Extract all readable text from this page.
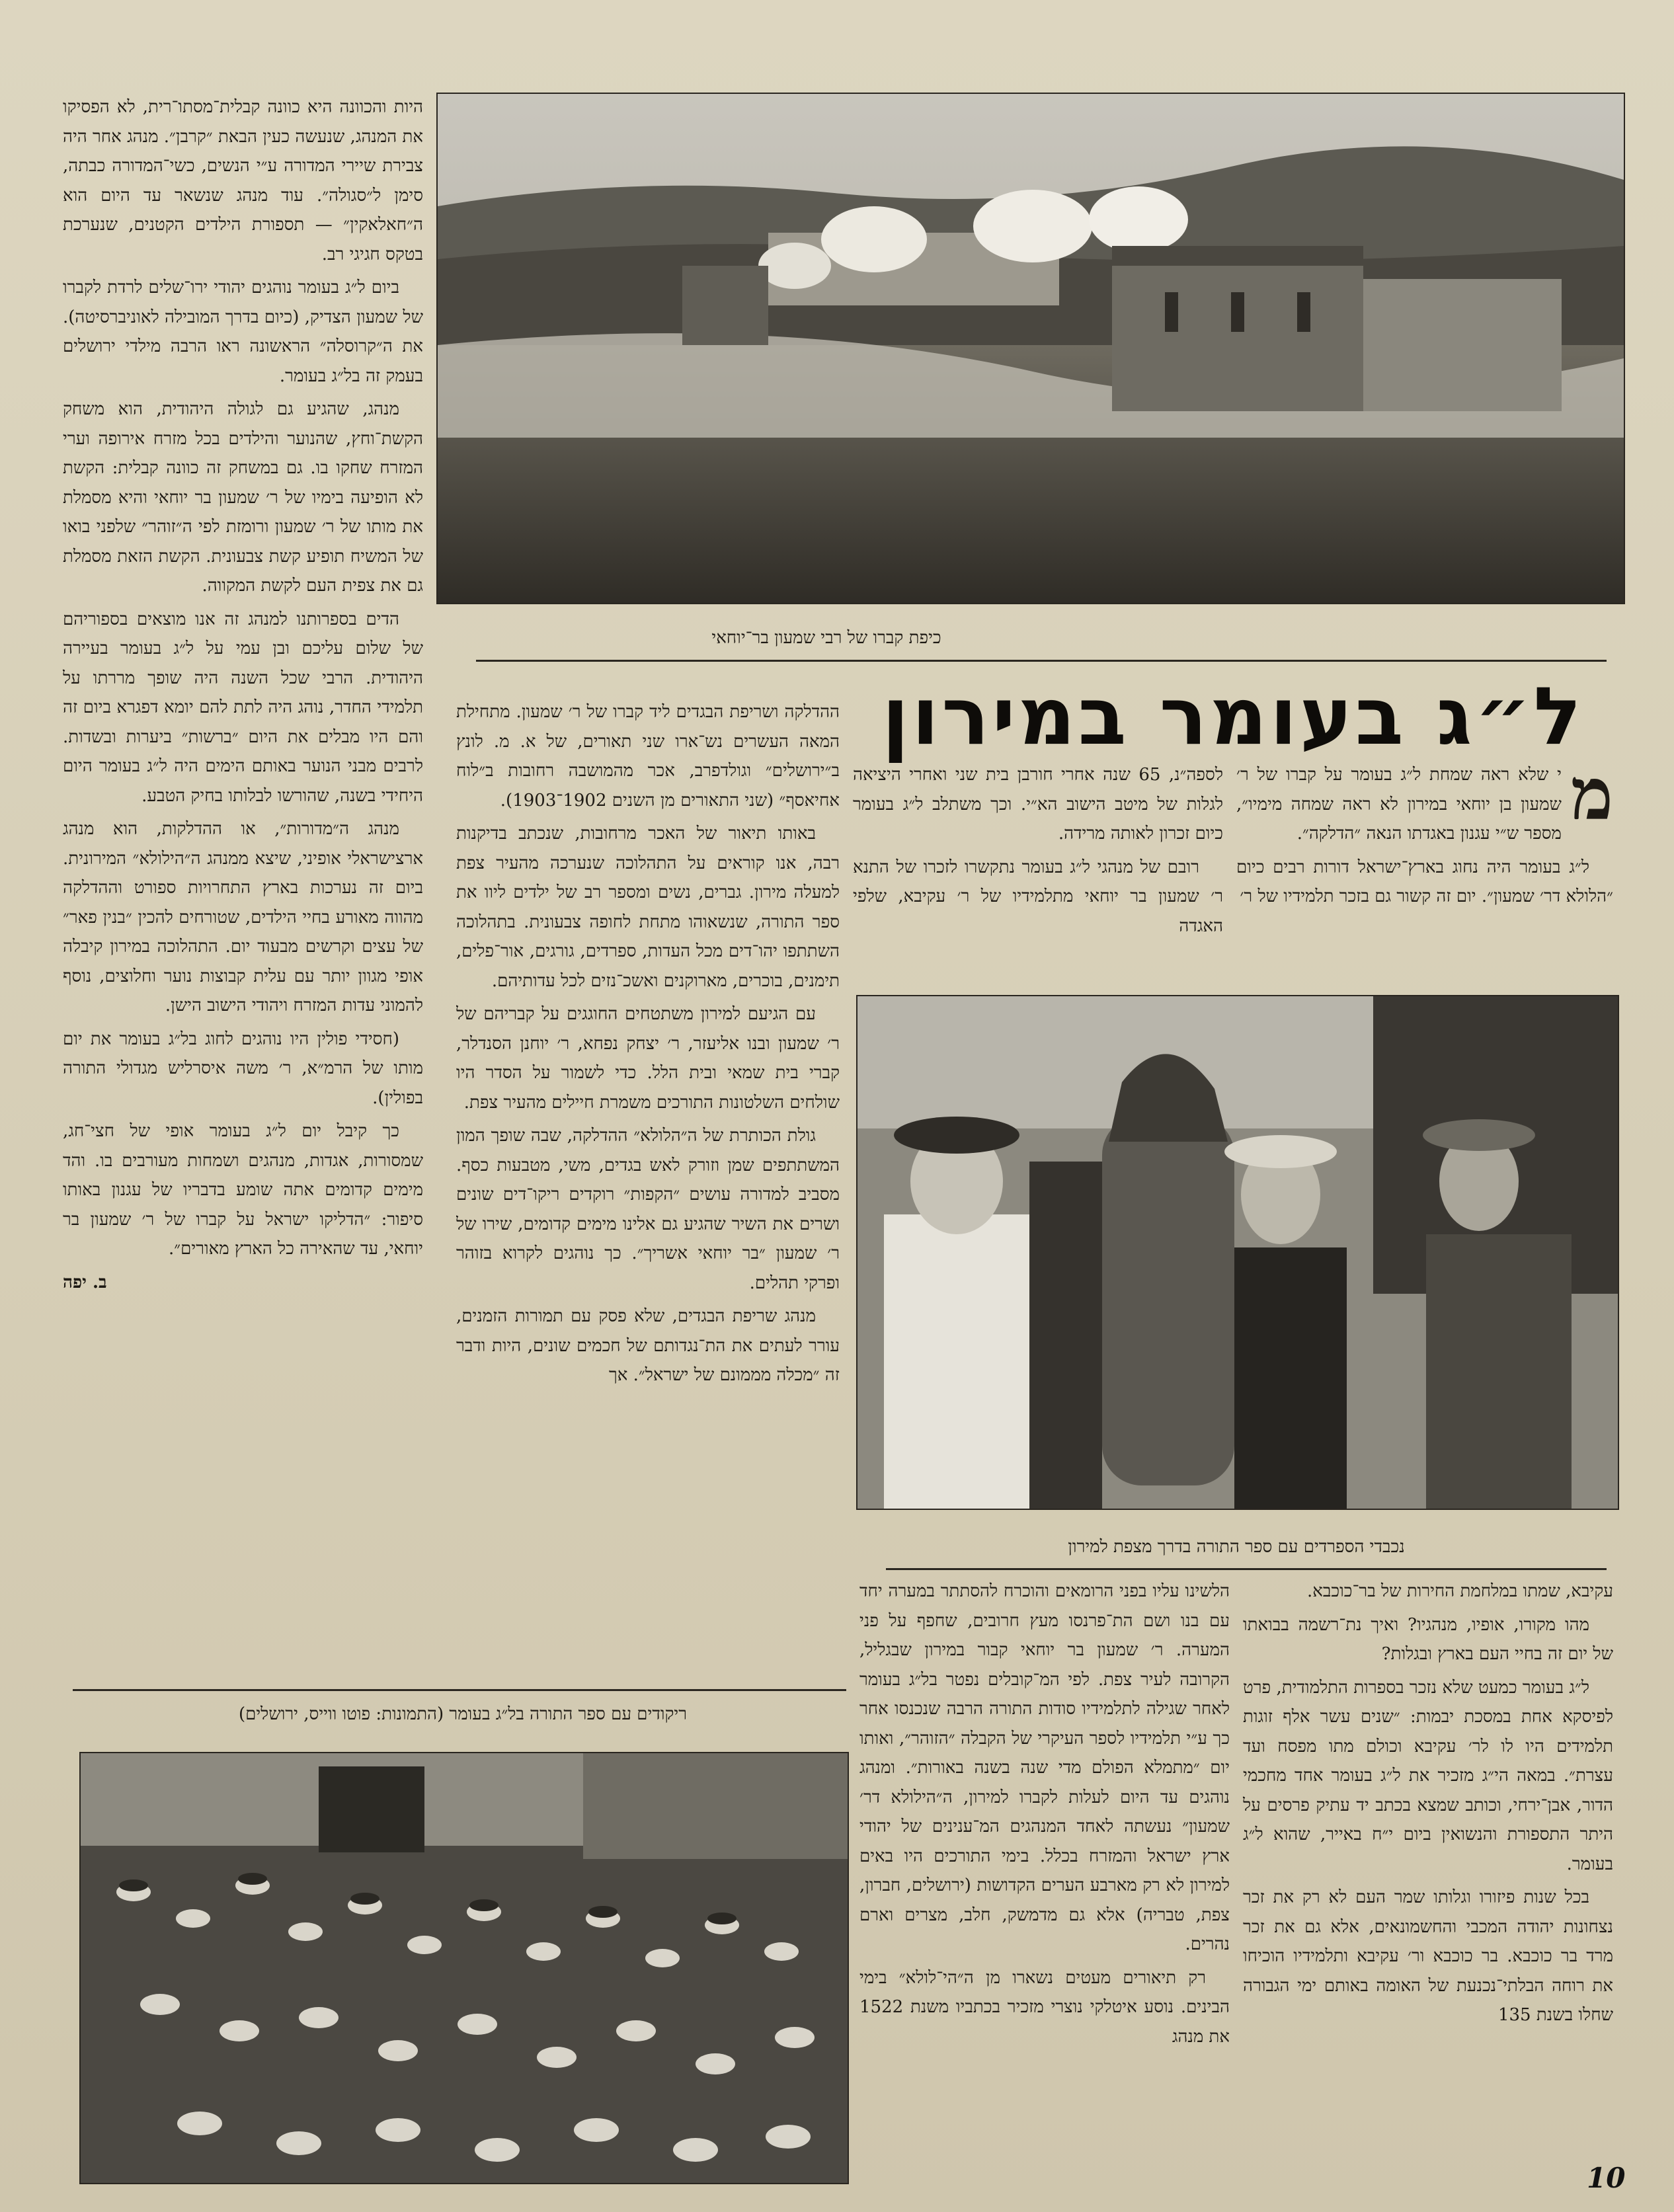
כיפת קברו של רבי שמעון בר־יוחאי
ל״ג בעומר במירון

מ
י שלא ראה שמחת ל״ג בעומר על קברו של ר׳ שמעון בן יוחאי במירון לא ראה שמחה מימיו״, מספר ש״י עגנון באגדתו הנאה ״הדלקה״.

ל״ג בעומר היה נחוג בארץ־ישראל דורות רבים כיום ״הלולא דר׳ שמעון״. יום זה קשור גם בזכר תלמידיו של ר׳

לספה״נ, 65 שנה אחרי חורבן בית שני ואחרי היציאה לגלות של מיטב הישוב הא״י. וכך משתלב ל״ג בעומר כיום זכרון לאותה מרידה.

רובם של מנהגי ל״ג בעומר נתקשרו לזכרו של התנא ר׳ שמעון בר יוחאי מתלמידיו של ר׳ עקיבא, שלפי האגדה

נכבדי הספרדים עם ספר התורה בדרך מצפת למירון

עקיבא, שמתו במלחמת החירות של בר־כוכבא.

מהו מקורו, אופיו, מנהגיו? ואיך נת־רשמה בבואתו של יום זה בחיי העם בארץ ובגלות?

ל״ג בעומר כמעט שלא נזכר בספרות התלמודית, פרט לפיסקא אחת במסכת יבמות: ״שנים עשר אלף זוגות תלמידים היו לו לר׳ עקיבא וכולם מתו מפסח ועד עצרת״. במאה הי״ג מזכיר את ל״ג בעומר אחד מחכמי הדור, אבן־ירחי, וכותב שמצא בכתב יד עתיק פרסים על היתר התספורת והנשואין ביום י״ח באייר, שהוא ל״ג בעומר.

בכל שנות פיזורו וגלותו שמר העם לא רק את זכר נצחונות יהודה המכבי והחשמונאים, אלא גם את זכר מרד בר כוכבא. בר כוכבא ור׳ עקיבא ותלמידיו הוכיחו את רוחה הבלתי־נכנעת של האומה באותם ימי הגבורה שחלו בשנת 135

הלשינו עליו בפני הרומאים והוכרח להסתתר במערה יחד עם בנו ושם הת־פרנסו מעץ חרובים, שחפף על פני המערה. ר׳ שמעון בר יוחאי קבור במירון שבגליל, הקרובה לעיר צפת. לפי המ־קובלים נפטר בל״ג בעומר לאחר שגילה לתלמידיו סודות התורה הרבה שנכנסו אחר כך ע״י תלמידיו לספר העיקרי של הקבלה ״הזוהר״, ואותו יום ״מתמלא הפולם מדי שנה בשנה באורות״. ומנהג נוהגים עד היום לעלות לקברו למירון, ה״הילולא דר׳ שמעון״ נעשתה לאחד המנהגים המ־ענינים של יהודי ארץ ישראל והמזרח בכלל. בימי התורכים היו באים למירון לא רק מארבע הערים הקדושות (ירושלים, חברון, צפת, טבריה) אלא גם מדמשק, חלב, מצרים וארם נהרים.

רק תיאורים מעטים נשארו מן ה״הי־לולא״ בימי הבינים. נוסע איטלקי נוצרי מזכיר בכתביו משנת 1522 את מנהג

ההדלקה ושריפת הבגדים ליד קברו של ר׳ שמעון. מתחילת המאה העשרים נש־ארו שני תאורים, של א. מ. לונץ ב״ירושלים״ וגולדפרב, אכר מהמושבה רחובות ב״לוח אחיאסף״ (שני התאורים מן השנים 1902־1903).

באותו תיאור של האכר מרחובות, שנכתב בדיקנות רבה, אנו קוראים על התהלוכה שנערכה מהעיר צפת למעלה מירון. גברים, נשים ומספר רב של ילדים ליוו את ספר התורה, שנשאוהו מתחת לחופה צבעונית. בתהלוכה השתתפו יהו־דים מכל העדות, ספרדים, גורגים, אור־פלים, תימנים, בוכרים, מארוקנים ואשכ־נזים לכל עדותיהם.

עם הגיעם למירון משתטחים החוגגים על קבריהם של ר׳ שמעון ובנו אליעזר, ר׳ יצחק נפחא, ר׳ יוחנן הסנדלר, קברי בית שמאי ובית הלל. כדי לשמור על הסדר היו שולחים השלטונות התורכים משמרת חיילים מהעיר צפת.

גולת הכותרת של ה״הלולא״ ההדלקה, שבה שופך המון המשתתפים שמן וזורק לאש בגדים, משי, מטבעות כסף. מסביב למדורה עושים ״הקפות״ רוקדים ריקו־דים שונים ושרים את השיר שהגיע גם אלינו מימים קדומים, שירו של ר׳ שמעון ״בר יוחאי אשריך״. כך נוהגים לקרוא בזוהר ופרקי תהלים.

מנהג שריפת הבגדים, שלא פסק עם תמורות הזמנים, עורר לעתים את הת־נגדותם של חכמים שונים, היות ודבר זה ״מכלה מממונם של ישראל״. אך

היות והכוונה היא כוונה קבלית־מסתו־רית, לא הפסיקו את המנהג, שנעשה כעין הבאת ״קרבן״. מנהג אחר היה צבירת שיירי המדורה ע״י הנשים, כשי־המדורה כבתה, סימן ל״סגולה״. עוד מנהג שנשאר עד היום הוא ה״חאלאקין״ — תספורת הילדים הקטנים, שנערכת בטקס חגיגי רב.

ביום ל״ג בעומר נוהגים יהודי ירו־שלים לרדת לקברו של שמעון הצדיק, (כיום בדרך המובילה לאוניברסיטה). את ה״קרוסלה״ הראשונה ראו הרבה מילדי ירושלים בעמק זה בל״ג בעומר.

מנהג, שהגיע גם לגולה היהודית, הוא משחק הקשת־וחץ, שהנוער והילדים בכל מזרח אירופה וערי המזרח שחקו בו. גם במשחק זה כוונה קבלית: הקשת לא הופיעה בימיו של ר׳ שמעון בר יוחאי והיא מסמלת את מותו של ר׳ שמעון ורומזת לפי ה״זוהר״ שלפני בואו של המשיח תופיע קשת צבעונית. הקשת הזאת מסמלת גם את צפית העם לקשת המקווה.

הדים בספרותנו למנהג זה אנו מוצאים בספוריהם של שלום עליכם ובן עמי על ל״ג בעומר בעיירה היהודית. הרבי שכל השנה היה שופך מררתו על תלמידי החדר, נוהג היה לתת להם יומא דפגרא ביום זה והם היו מבלים את היום ״ברשות״ ביערות ובשדות. לרבים מבני הנוער באותם הימים היה ל״ג בעומר היום היחידי בשנה, שהורשו לבלותו בחיק הטבע.

מנהג ה״מדורות״, או ההדלקות, הוא מנהג ארצישראלי אופיני, שיצא ממנהג ה״הילולא״ המירונית. ביום זה נערכות בארץ התחרויות ספורט וההדלקה מהווה מאורע בחיי הילדים, שטורחים להכין ״בנין פאר״ של עצים וקרשים מבעוד יום. התהלוכה במירון קיבלה אופי מגוון יותר עם עלית קבוצות נוער וחלוצים, נוסף להמוני עדות המזרח ויהודי הישוב הישן.

(חסידי פולין היו נוהגים לחוג בל״ג בעומר את יום מותו של הרמ״א, ר׳ משה איסרליש מגדולי התורה בפולין).

כך קיבל יום ל״ג בעומר אופי של חצי־חג, שמסורות, אגדות, מנהגים ושמחות מעורבים בו. והד מימים קדומים אתה שומע בדבריו של עגנון באותו סיפור: ״הדליקו ישראל על קברו של ר׳ שמעון בר יוחאי, עד שהאירה כל הארץ מאורים״.

ב. יפה

ריקודים עם ספר התורה בל״ג בעומר (התמונות: פוטו ווייס, ירושלים)
10
